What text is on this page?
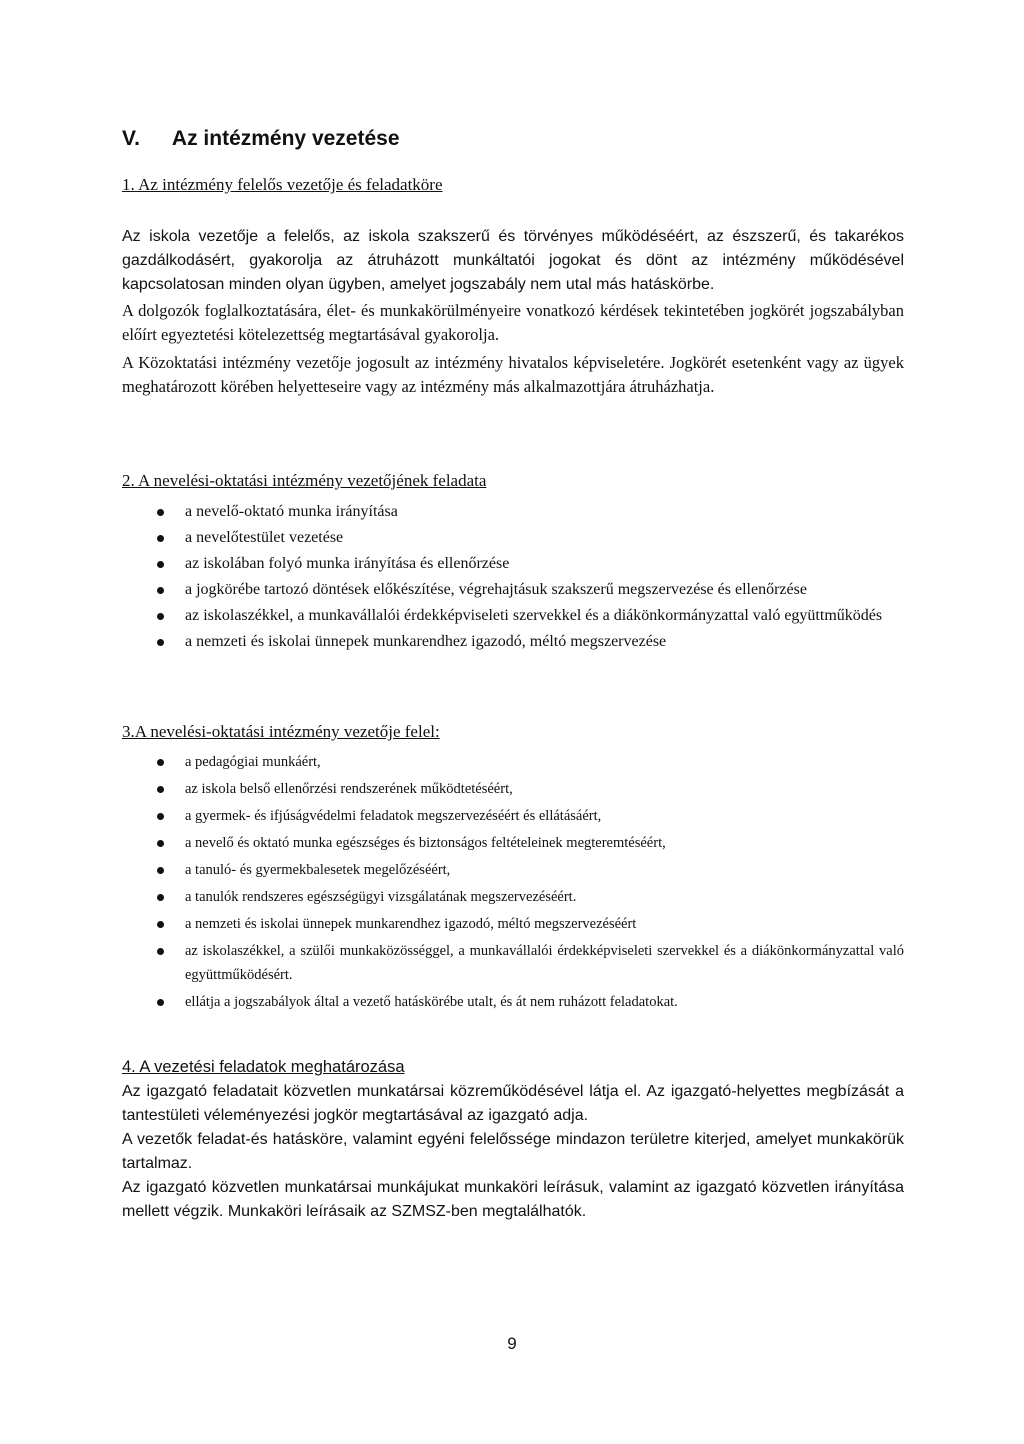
V. Az intézmény vezetése
1. Az intézmény felelős vezetője és feladatköre

Az iskola vezetője a felelős, az iskola szakszerű és törvényes működéséért, az észszerű, és takarékos gazdálkodásért, gyakorolja az átruházott munkáltatói jogokat és dönt az intézmény működésével kapcsolatosan minden olyan ügyben, amelyet jogszabály nem utal más hatáskörbe.

A dolgozók foglalkoztatására, élet- és munkakörülményeire vonatkozó kérdések tekintetében jogkörét jogszabályban előírt egyeztetési kötelezettség megtartásával gyakorolja.

A Közoktatási intézmény vezetője jogosult az intézmény hivatalos képviseletére. Jogkörét esetenként vagy az ügyek meghatározott körében helyetteseire vagy az intézmény más alkalmazottjára átruházhatja.

2. A nevelési-oktatási intézmény vezetőjének feladata
a nevelő-oktató munka irányítása
a nevelőtestület vezetése
az iskolában folyó munka irányítása és ellenőrzése
a jogkörébe tartozó döntések előkészítése, végrehajtásuk szakszerű megszervezése és ellenőrzése
az iskolaszékkel, a munkavállalói érdekképviseleti szervekkel és a diákönkormányzattal való együttműködés
a nemzeti és iskolai ünnepek munkarendhez igazodó, méltó megszervezése
3.A nevelési-oktatási intézmény vezetője felel:
a pedagógiai munkáért,
az iskola belső ellenőrzési rendszerének működtetéséért,
a gyermek- és ifjúságvédelmi feladatok megszervezéséért és ellátásáért,
a nevelő és oktató munka egészséges és biztonságos feltételeinek megteremtéséért,
a tanuló- és gyermekbalesetek megelőzéséért,
a tanulók rendszeres egészségügyi vizsgálatának megszervezéséért.
a nemzeti és iskolai ünnepek munkarendhez igazodó, méltó megszervezéséért
az iskolaszékkel, a szülői munkaközösséggel, a munkavállalói érdekképviseleti szervekkel és a diákönkormányzattal való együttműködésért.
ellátja a jogszabályok által a vezető hatáskörébe utalt, és át nem ruházott feladatokat.
4. A vezetési feladatok meghatározása

Az igazgató feladatait közvetlen munkatársai közreműködésével látja el. Az igazgató-helyettes megbízását a tantestületi véleményezési jogkör megtartásával az igazgató adja.

A vezetők feladat-és hatásköre, valamint egyéni felelőssége mindazon területre kiterjed, amelyet munkakörük tartalmaz.

Az igazgató közvetlen munkatársai munkájukat munkaköri leírásuk, valamint az igazgató közvetlen irányítása mellett végzik. Munkaköri leírásaik az SZMSZ-ben megtalálhatók.

9
